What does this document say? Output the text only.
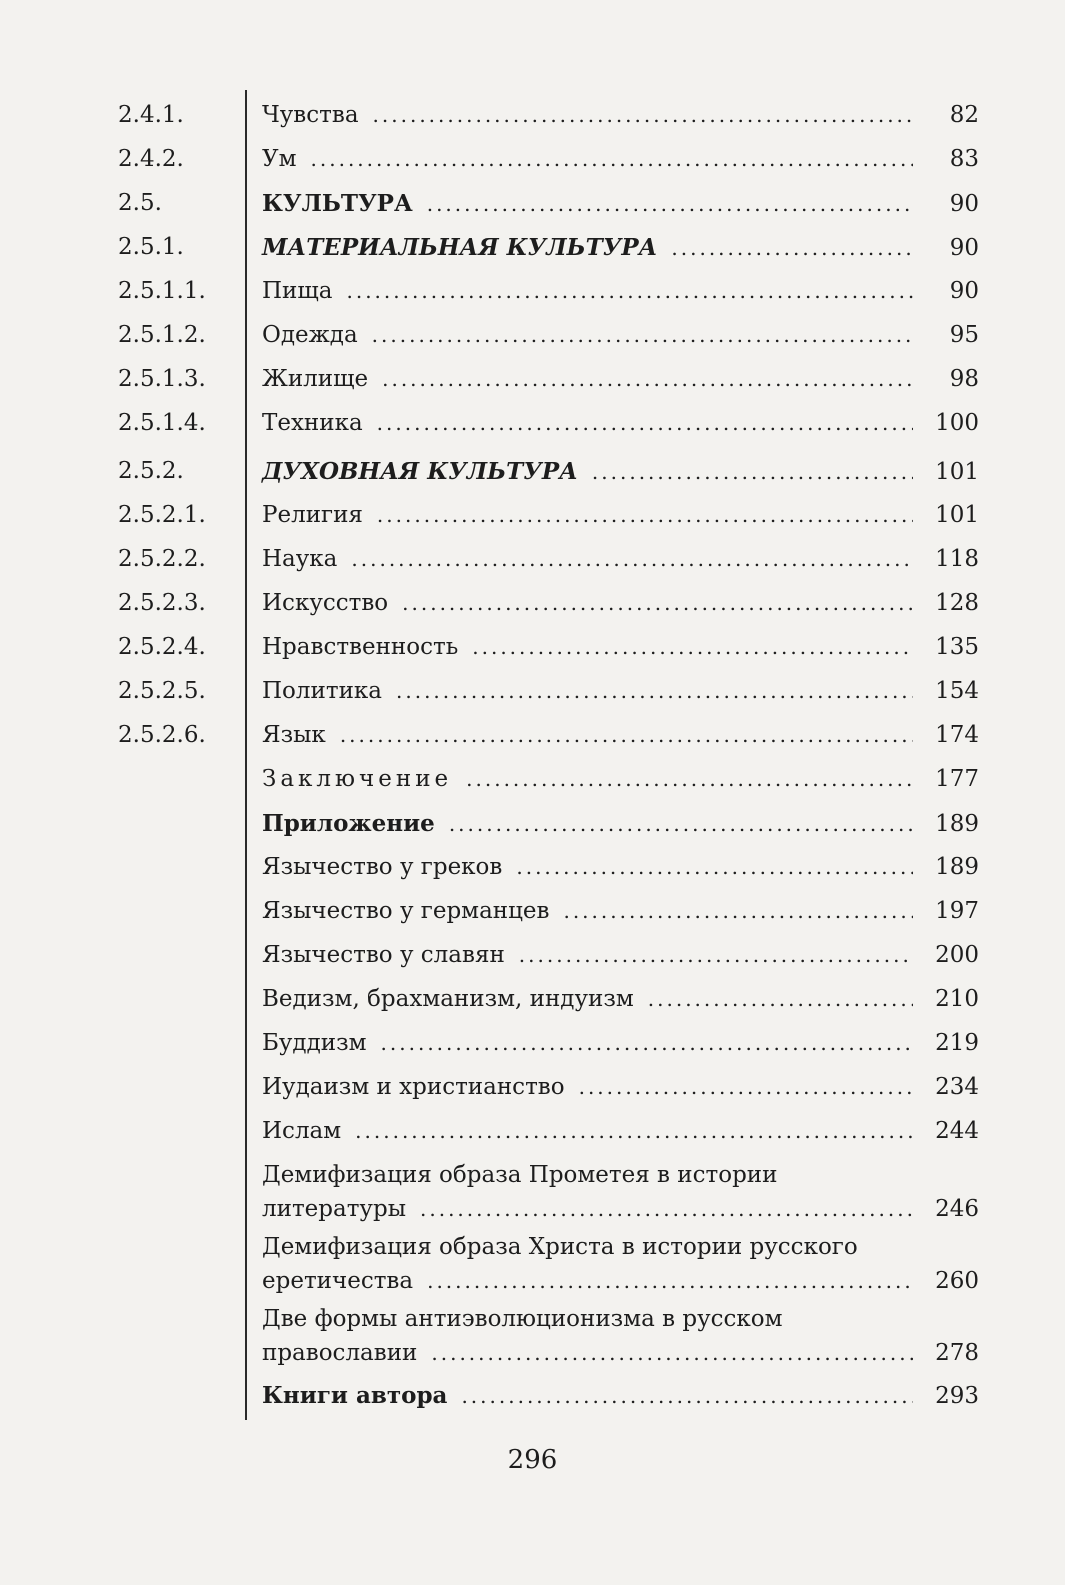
2.4.1.	Чувства .....	82
2.4.2.	Ум .....	83
2.5.	КУЛЬТУРА .....	90
2.5.1.	МАТЕРИАЛЬНАЯ КУЛЬТУРА .....	90
2.5.1.1. Пища .....	90
2.5.1.2. Одежда .....	95
2.5.1.3. Жилище .....	98
2.5.1.4. Техника .....	100
2.5.2.	ДУХОВНАЯ КУЛЬТУРА .....	101
2.5.2.1. Религия .....	101
2.5.2.2. Наука .....	118
2.5.2.3. Искусство .....	128
2.5.2.4. Нравственность .....	135
2.5.2.5. Политика .....	154
2.5.2.6. Язык .....	174
Заключение .....	177
Приложение .....	189
Язычество у греков .....	189
Язычество у германцев .....	197
Язычество у славян .....	200
Ведизм, брахманизм, индуизм .....	210
Буддизм .....	219
Иудаизм и христианство .....	234
Ислам .....	244
Демифизация образа Прометея в истории
литературы .....	246
Демифизация образа Христа в истории русского
еретичества .....	260
Две формы антиэволюционизма в русском
православии .....	278
Книги автора .....	293
296
